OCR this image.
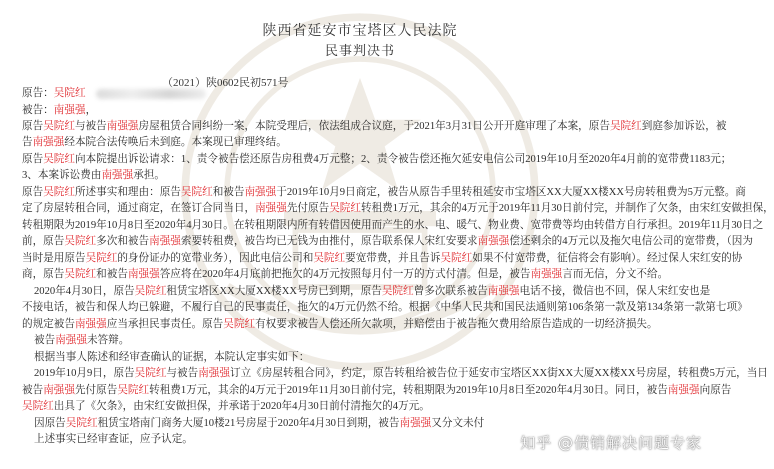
陕西省延安市宝塔区人民法院
民事判决书
（2021）陕0602民初571号
原告：吴院红
被告：南强强，
原告吴院红与被告南强强房屋租赁合同纠纷一案，本院受理后，依法组成合议庭，于2021年3月31日公开开庭审理了本案，原告吴院红到庭参加诉讼，被
告南强强经本院合法传唤后未到庭。本案现已审理终结。
原告吴院红向本院提出诉讼请求：1、责令被告偿还原告房租费4万元整；2、责令被告偿还拖欠延安电信公司2019年10月至2020年4月前的宽带费1183元；
3、本案诉讼费由南强强承担。
原告吴院红所述事实和理由：原告吴院红和被告南强强于2019年10月9日商定，被告从原告手里转租延安市宝塔区XX大厦XX楼XX号房转租费为5万元整。商
定了房屋转租合同，通过商定，在签订合同当日，南强强先付原告吴院红转租费1万元，其余的4万元于2019年11月30日前付完，并制作了欠条，由宋红安做担保，
转租期限为2019年10月8日至2020年4月30日。在转租期限内所有转借因使用而产生的水、电、暖气、物业费、宽带费等均由转借方自行承担。2019年11月30日之
前，原告吴院红多次和被告南强强索要转租费，被告均已无钱为由推付，原告联系保人宋红安要求南强强偿还剩余的4万元以及拖欠电信公司的宽带费，（因为
当时是用原告吴院红的身份证办的宽带业务），因此电信公司和吴院红要宽带费，并且告诉吴院红如果不付宽带费，征信将会有影响）。经过保人宋红安的协
商，原告吴院红和被告南强强答应将在2020年4月底前把拖欠的4万元按照每月付一万的方式付清。但是，被告南强强言而无信，分文不给。
2020年4月30日，原告吴院红租赁宝塔区XX大厦XX楼XX号房已到期，原告吴院红曾多次联系被告南强强电话不接，微信也不回，保人宋红安也是
不接电话，被告和保人均已躲避，不履行自己的民事责任，拖欠的4万元仍然不给。根据《中华人民共和国民法通则第106条第一款及第134条第一款第七项》
的规定被告南强强应当承担民事责任。原告吴院红有权要求被告人偿还所欠款项，并赔偿由于被告拖欠费用给原告造成的一切经济损失。
被告南强强未答辩。
根据当事人陈述和经审查确认的证据，本院认定事实如下：
2019年10月9日，原告吴院红与被告南强强订立《房屋转租合同》，约定，原告转租给被告位于延安市宝塔区XX街XX大厦XX楼XX号房屋，转租费5万元，当日
被告南强强先付原告吴院红转租费1万元，其余的4万元于2019年11月30日前付完，转租期限为2019年10月8日至2020年4月30日。同日，被告南强强向原告
吴院红出具了《欠条》，由宋红安做担保，并承诺于2020年4月30日前付清拖欠的4万元。
因原告吴院红租赁宝塔南门商务大厦10楼21号房屋于2020年4月30日到期，被告南强强又分文未付
上述事实已经审查证，应予认定。	知乎 @债销解决问题专家
